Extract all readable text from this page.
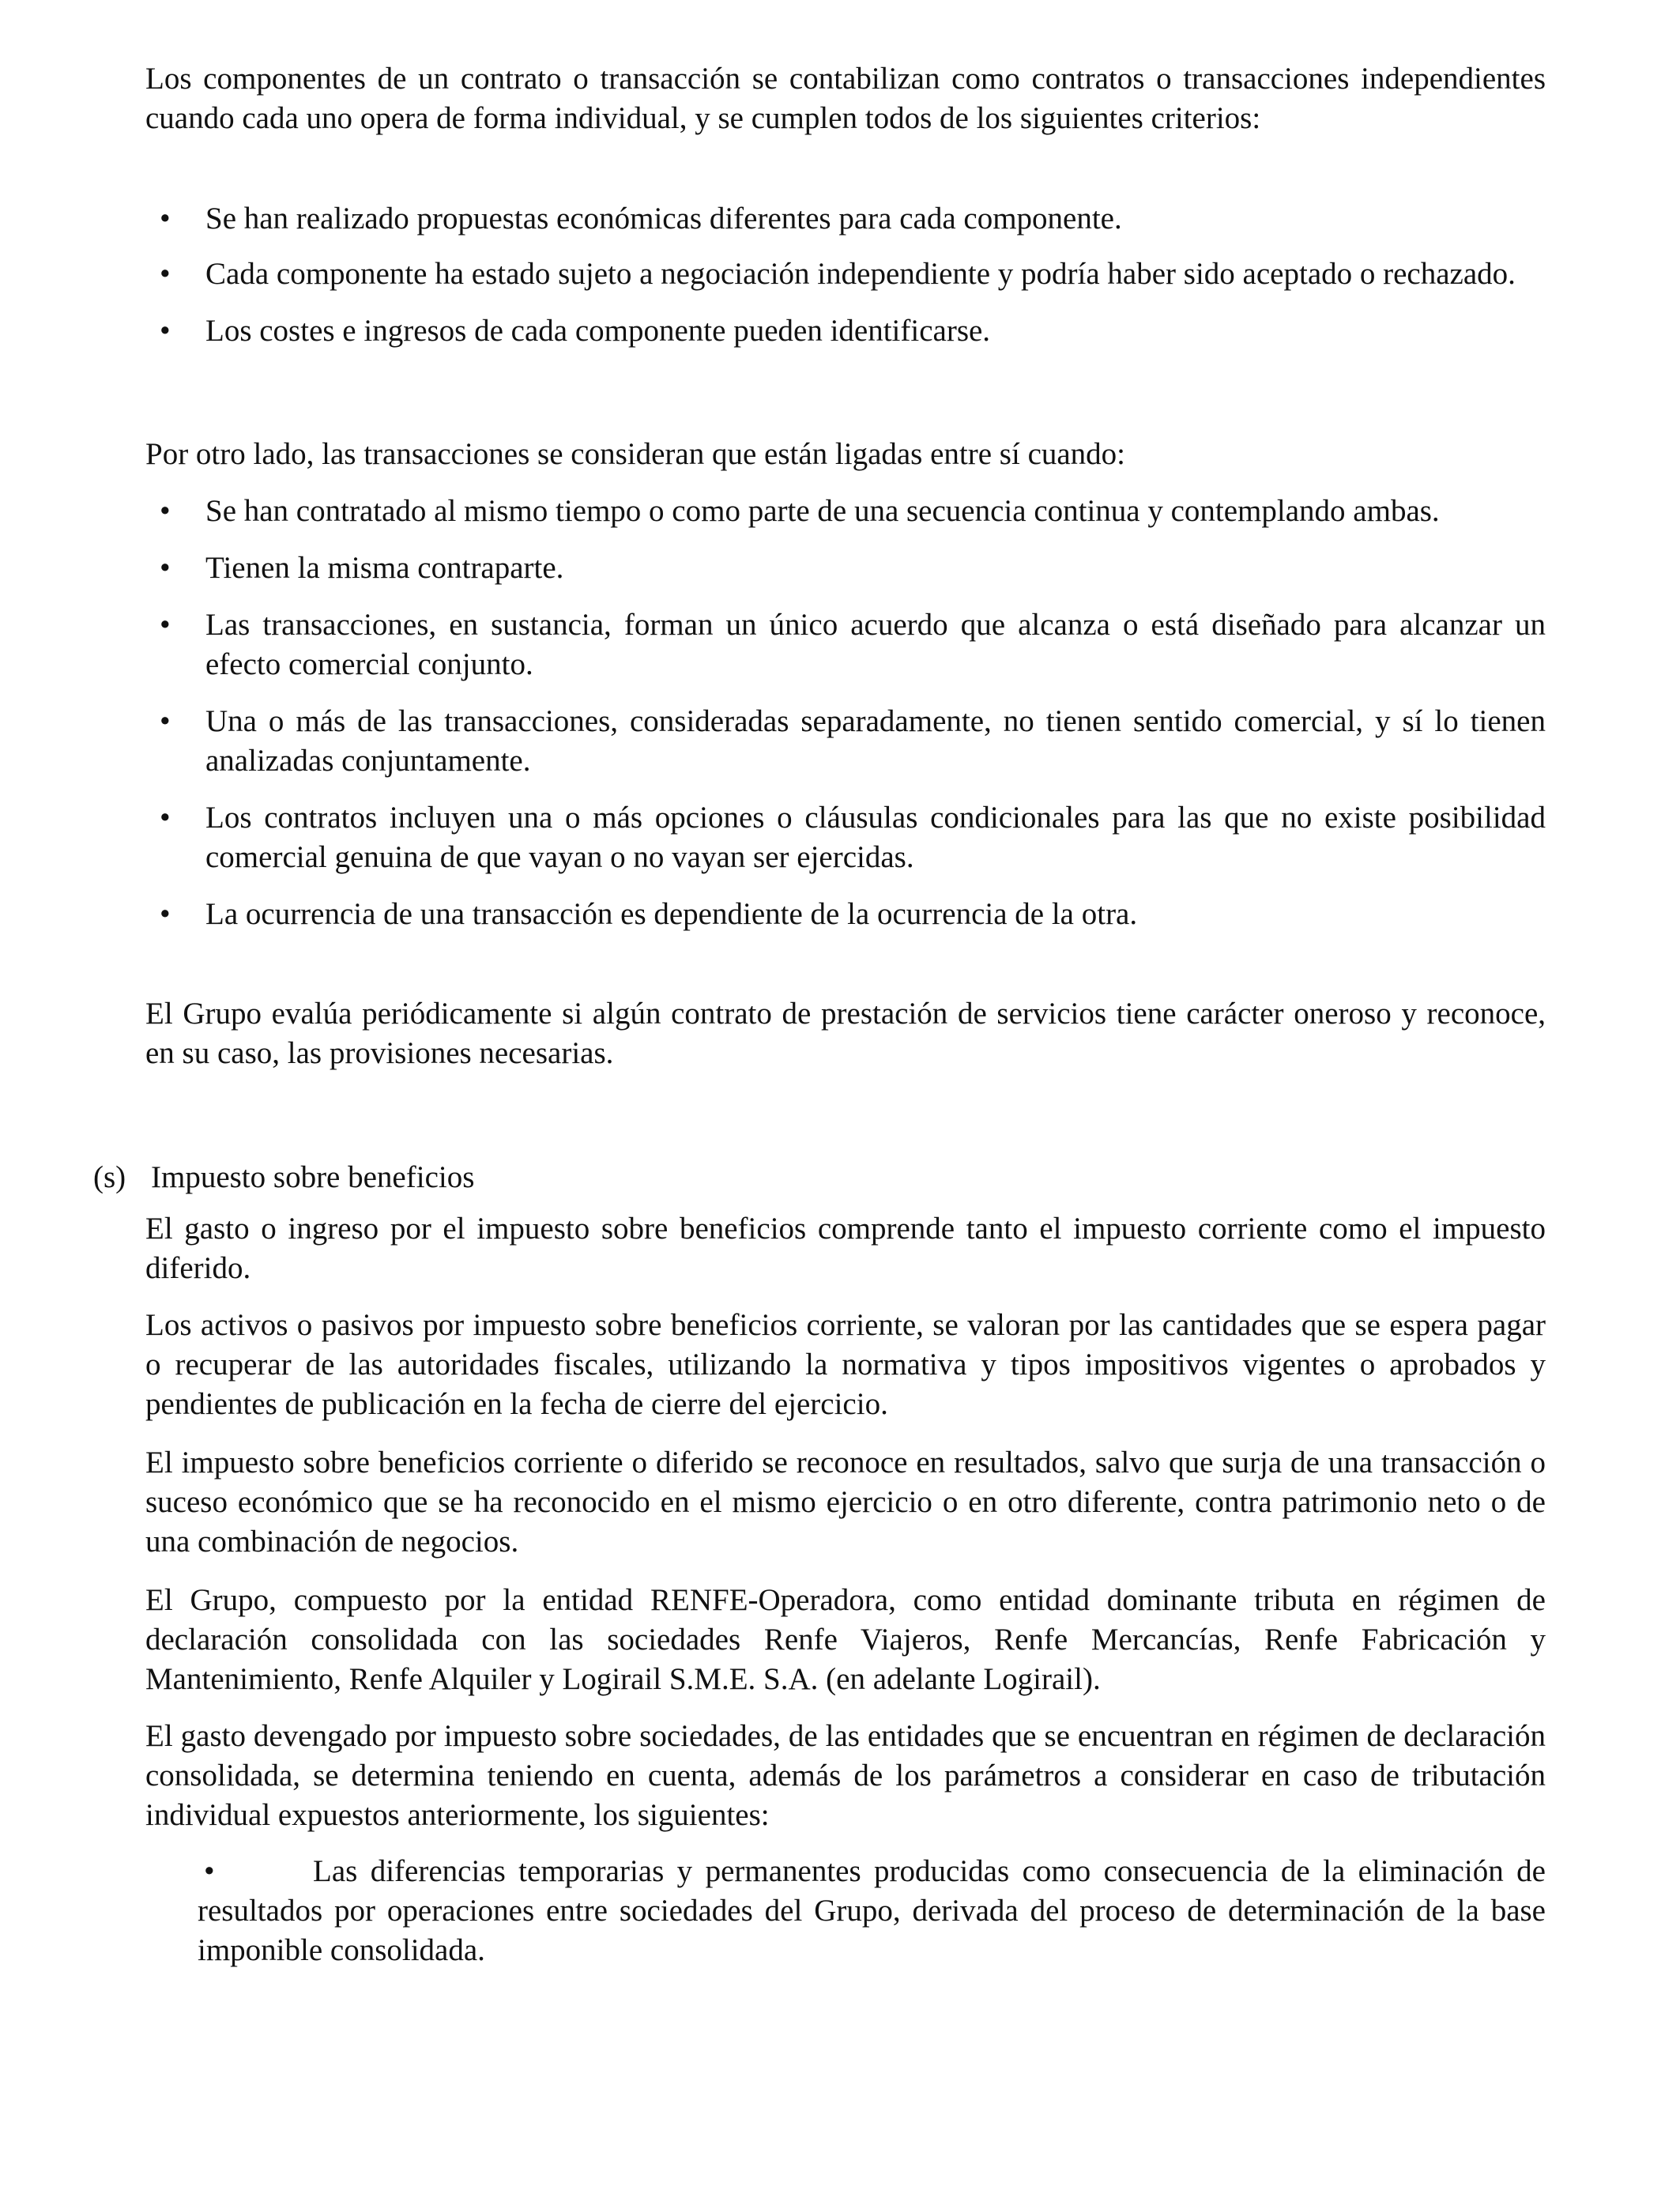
Los componentes de un contrato o transacción se contabilizan como contratos o transacciones independientes cuando cada uno opera de forma individual, y se cumplen todos de los siguientes criterios:

• Se han realizado propuestas económicas diferentes para cada componente.
• Cada componente ha estado sujeto a negociación independiente y podría haber sido aceptado o rechazado.
• Los costes e ingresos de cada componente pueden identificarse.

Por otro lado, las transacciones se consideran que están ligadas entre sí cuando:

• Se han contratado al mismo tiempo o como parte de una secuencia continua y contemplando ambas.
• Tienen la misma contraparte.
• Las transacciones, en sustancia, forman un único acuerdo que alcanza o está diseñado para alcanzar un efecto comercial conjunto.
• Una o más de las transacciones, consideradas separadamente, no tienen sentido comercial, y sí lo tienen analizadas conjuntamente.
• Los contratos incluyen una o más opciones o cláusulas condicionales para las que no existe posibilidad comercial genuina de que vayan o no vayan ser ejercidas.
• La ocurrencia de una transacción es dependiente de la ocurrencia de la otra.

El Grupo evalúa periódicamente si algún contrato de prestación de servicios tiene carácter oneroso y reconoce, en su caso, las provisiones necesarias.

(s) Impuesto sobre beneficios

El gasto o ingreso por el impuesto sobre beneficios comprende tanto el impuesto corriente como el impuesto diferido.

Los activos o pasivos por impuesto sobre beneficios corriente, se valoran por las cantidades que se espera pagar o recuperar de las autoridades fiscales, utilizando la normativa y tipos impositivos vigentes o aprobados y pendientes de publicación en la fecha de cierre del ejercicio.

El impuesto sobre beneficios corriente o diferido se reconoce en resultados, salvo que surja de una transacción o suceso económico que se ha reconocido en el mismo ejercicio o en otro diferente, contra patrimonio neto o de una combinación de negocios.

El Grupo, compuesto por la entidad RENFE-Operadora, como entidad dominante tributa en régimen de declaración consolidada con las sociedades Renfe Viajeros, Renfe Mercancías, Renfe Fabricación y Mantenimiento, Renfe Alquiler y Logirail S.M.E. S.A. (en adelante Logirail).

El gasto devengado por impuesto sobre sociedades, de las entidades que se encuentran en régimen de declaración consolidada, se determina teniendo en cuenta, además de los parámetros a considerar en caso de tributación individual expuestos anteriormente, los siguientes:

•	Las diferencias temporarias y permanentes producidas como consecuencia de la eliminación de resultados por operaciones entre sociedades del Grupo, derivada del proceso de determinación de la base imponible consolidada.
